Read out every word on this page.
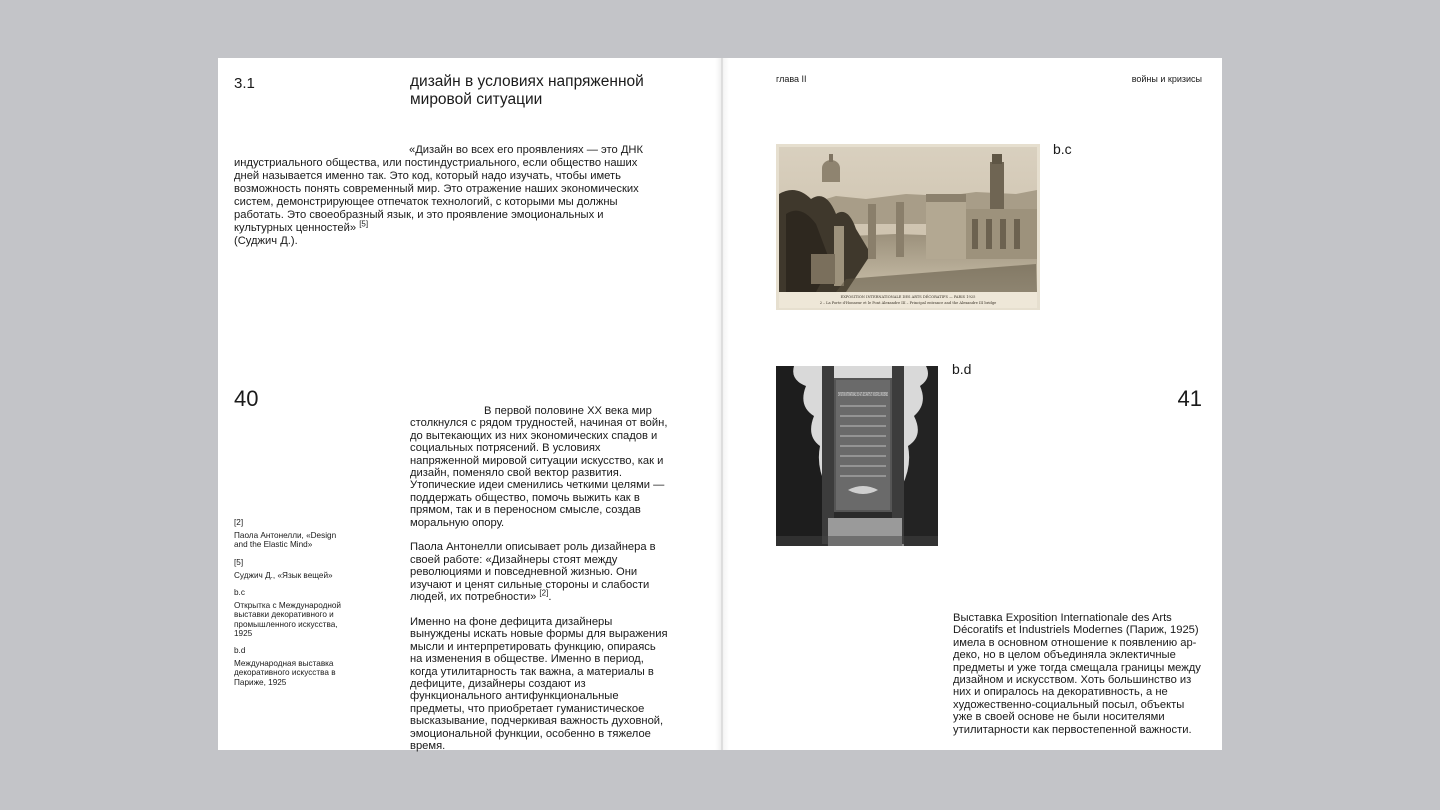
3.1	дизайн в условиях напряженной мировой ситуации

«Дизайн во всех его проявлениях — это ДНК индустриального общества, или постиндустриального, если общество наших дней называется именно так. Это код, который надо изучать, чтобы иметь возможность понять современный мир. Это отражение наших экономических систем, демонстрирующее отпечаток технологий, с которыми мы должны работать. Это своеобразный язык, и это проявление эмоциональных и культурных ценностей» [5]
(Суджич Д.).

40	В первой половине XX века мир столкнулся с рядом трудностей, начиная от войн, до вытекающих из них экономических спадов и социальных потрясений. В условиях напряженной мировой ситуации искусство, как и дизайн, поменяло свой вектор развития. Утопические идеи сменились четкими целями — поддержать общество, помочь выжить как в прямом, так и в переносном смысле, создав моральную опору.

Паола Антонелли описывает роль дизайнера в своей работе: «Дизайнеры стоят между революциями и повседневной жизнью. Они изучают и ценят сильные стороны и слабости людей, их потребности» [2].

Именно на фоне дефицита дизайнеры вынуждены искать новые формы для выражения мысли и интерпретировать функцию, опираясь на изменения в обществе. Именно в период, когда утилитарность так важна, а материалы в дефиците, дизайнеры создают из функционального антифункциональные предметы, что приобретает гуманистическое высказывание, подчеркивая важность духовной, эмоциональной функции, особенно в тяжелое время.

[2]
Паола Антонелли, «Design and the Elastic Mind»
[5]
Суджич Д., «Язык вещей»
b.c
Открытка с Международной выставки декоративного и промышленного искусства, 1925
b.d
Международная выставка декоративного искусства в Париже, 1925
глава II	войны и кризисы
EXPOSITION INTERNATIONALE DES ARTS DÉCORATIFS — PARIS 1925
2 – La Porte d'Honneur et le Pont Alexandre III – Principal entrance and the Alexandre III bridge
b.c
EXPOSITION INTERNATIONALE DES ARTS DECORATIFS ET INDUSTRIELS MODERNES
b.d
41

Выставка Exposition Internationale des Arts Décoratifs et Industriels Modernes (Париж, 1925) имела в основном отношение к появлению ар-деко, но в целом объединяла эклектичные предметы и уже тогда смещала границы между дизайном и искусством. Хоть большинство из них и опиралось на декоративность, а не художественно-социальный посыл, объекты уже в своей основе не были носителями утилитарности как первостепенной важности.
